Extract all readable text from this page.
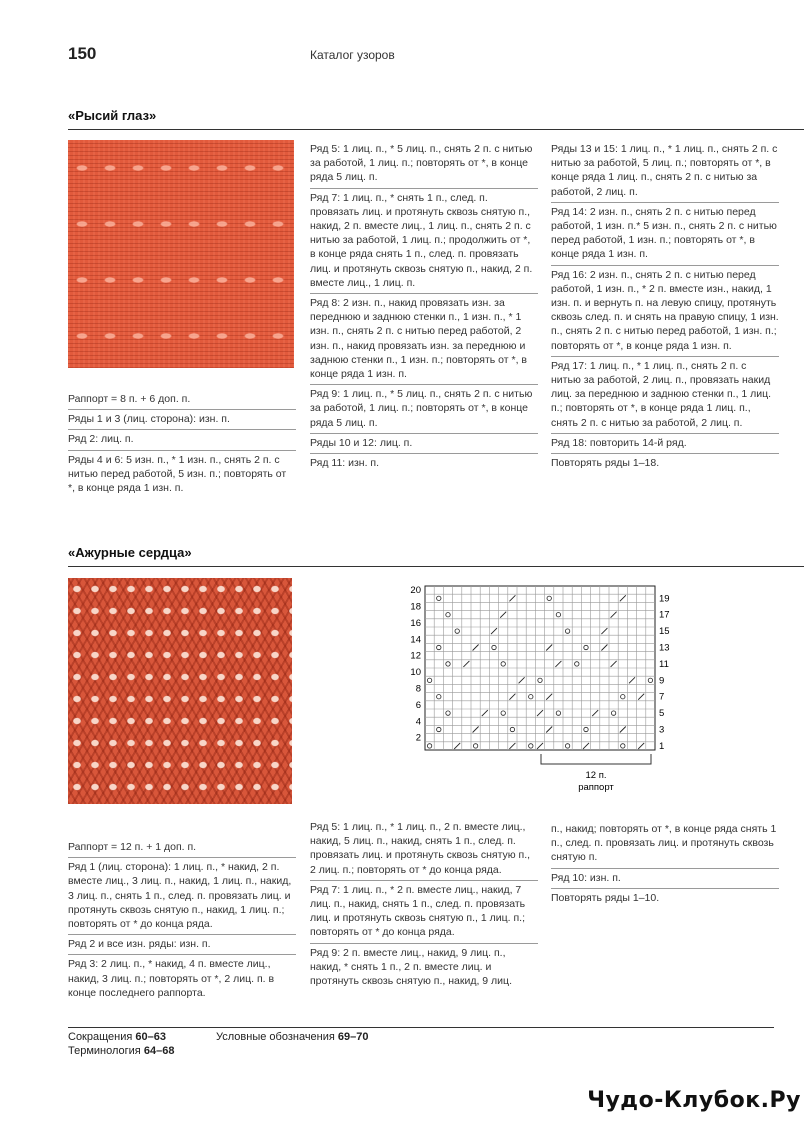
150	Каталог узоров
«Рысий глаз»
Раппорт = 8 п. + 6 доп. п.
Ряды 1 и 3 (лиц. сторона): изн. п.
Ряд 2: лиц. п.
Ряды 4 и 6: 5 изн. п., * 1 изн. п., снять 2 п. с нитью перед работой, 5 изн. п.; повторять от *, в конце ряда 1 изн. п.
Ряд 5: 1 лиц. п., * 5 лиц. п., снять 2 п. с нитью за работой, 1 лиц. п.; повторять от *, в конце ряда 5 лиц. п.
Ряд 7: 1 лиц. п., * снять 1 п., след. п. провязать лиц. и протянуть сквозь снятую п., накид, 2 п. вместе лиц., 1 лиц. п., снять 2 п. с нитью за работой, 1 лиц. п.; продолжить от *, в конце ряда снять 1 п., след. п. провязать лиц. и протянуть сквозь снятую п., накид, 2 п. вместе лиц., 1 лиц. п.
Ряд 8: 2 изн. п., накид провязать изн. за переднюю и заднюю стенки п., 1 изн. п., * 1 изн. п., снять 2 п. с нитью перед работой, 2 изн. п., накид провязать изн. за переднюю и заднюю стенки п., 1 изн. п.; повторять от *, в конце ряда 1 изн. п.
Ряд 9: 1 лиц. п., * 5 лиц. п., снять 2 п. с нитью за работой, 1 лиц. п.; повторять от *, в конце ряда 5 лиц. п.
Ряды 10 и 12: лиц. п.
Ряд 11: изн. п.
Ряды 13 и 15: 1 лиц. п., * 1 лиц. п., снять 2 п. с нитью за работой, 5 лиц. п.; повторять от *, в конце ряда 1 лиц. п., снять 2 п. с нитью за работой, 2 лиц. п.
Ряд 14: 2 изн. п., снять 2 п. с нитью перед работой, 1 изн. п.* 5 изн. п., снять 2 п. с нитью перед работой, 1 изн. п.; повторять от *, в конце ряда 1 изн. п.
Ряд 16: 2 изн. п., снять 2 п. с нитью перед работой, 1 изн. п., * 2 п. вместе изн., накид, 1 изн. п. и вернуть п. на левую спицу, протянуть сквозь след. п. и снять на правую спицу, 1 изн. п., снять 2 п. с нитью перед работой, 1 изн. п.; повторять от *, в конце ряда 1 изн. п.
Ряд 17: 1 лиц. п., * 1 лиц. п., снять 2 п. с нитью за работой, 2 лиц. п., провязать накид лиц. за переднюю и заднюю стенки п., 1 лиц. п.; повторять от *, в конце ряда 1 лиц. п., снять 2 п. с нитью за работой, 2 лиц. п.
Ряд 18: повторить 14-й ряд.
Повторять ряды 1–18.
«Ажурные сердца»
20
18
16
14
12
10
8
6
4
2
19
17
15
13
11
9
7
5
3
1
12 п.
раппорт
Раппорт = 12 п. + 1 доп. п.
Ряд 1 (лиц. сторона): 1 лиц. п., * накид, 2 п. вместе лиц., 3 лиц. п., накид, 1 лиц. п., накид, 3 лиц. п., снять 1 п., след. п. провязать лиц. и протянуть сквозь снятую п., накид, 1 лиц. п.; повторять от * до конца ряда.
Ряд 2 и все изн. ряды: изн. п.
Ряд 3: 2 лиц. п., * накид, 4 п. вместе лиц., накид, 3 лиц. п.; повторять от *, 2 лиц. п. в конце последнего раппорта.
Ряд 5: 1 лиц. п., * 1 лиц. п., 2 п. вместе лиц., накид, 5 лиц. п., накид, снять 1 п., след. п. провязать лиц. и протянуть сквозь снятую п., 2 лиц. п.; повторять от * до конца ряда.
Ряд 7: 1 лиц. п., * 2 п. вместе лиц., накид, 7 лиц. п., накид, снять 1 п., след. п. провязать лиц. и протянуть сквозь снятую п., 1 лиц. п.; повторять от * до конца ряда.
Ряд 9: 2 п. вместе лиц., накид, 9 лиц. п., накид, * снять 1 п., 2 п. вместе лиц. и протянуть сквозь снятую п., накид, 9 лиц.
п., накид; повторять от *, в конце ряда снять 1 п., след. п. провязать лиц. и протянуть сквозь снятую п.
Ряд 10: изн. п.
Повторять ряды 1–10.
Сокращения 60–63	Условные обозначения 69–70
Терминология 64–68
Чудо-Клубок.Ру
